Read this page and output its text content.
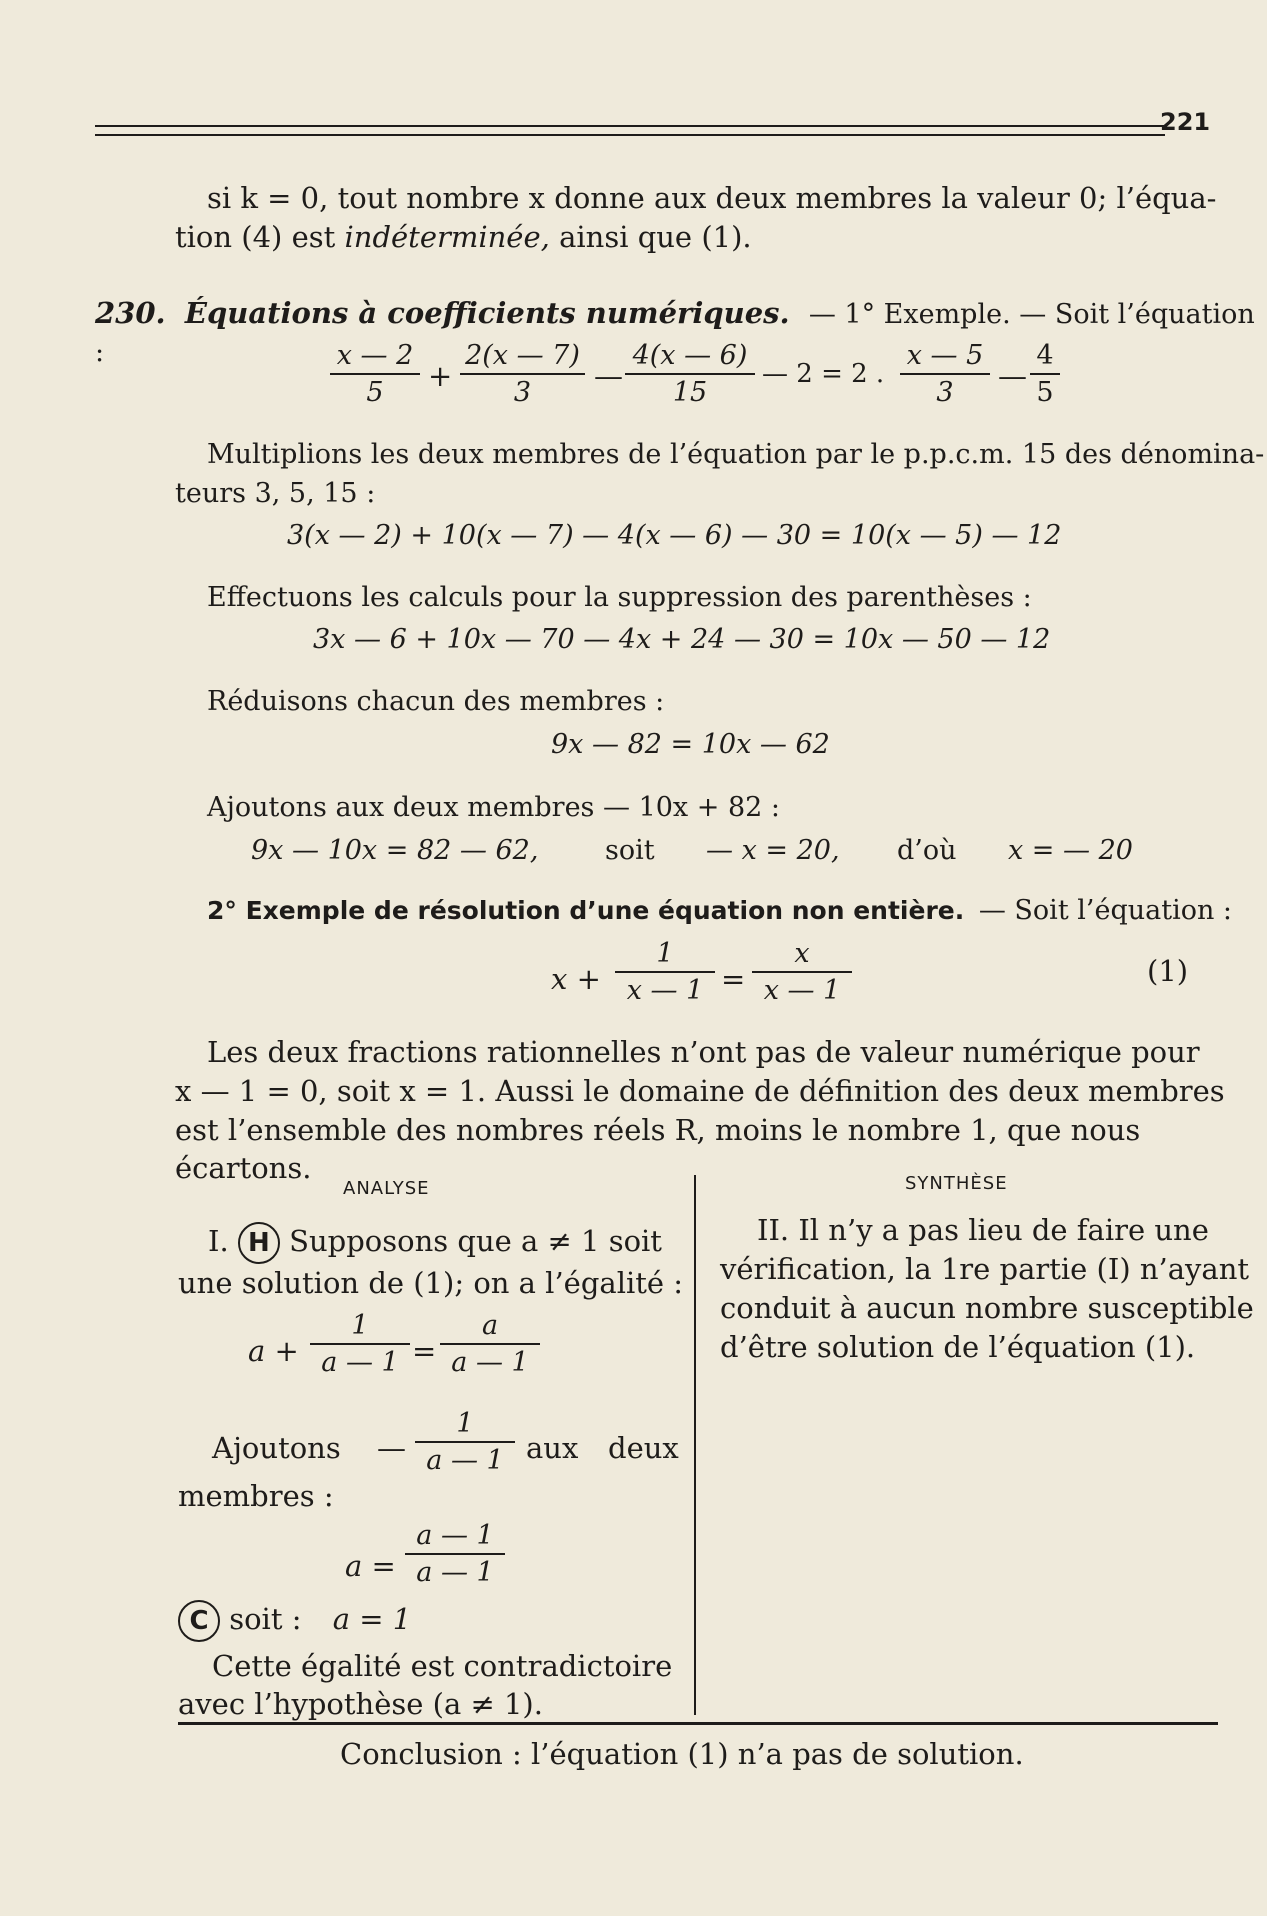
221
si k = 0, tout nombre x donne aux deux membres la valeur 0; l’équa-
tion (4) est indéterminée, ainsi que (1).
230. Équations à coefficients numériques. — 1° Exemple. — Soit l’équation :	x — 2
5	+
2(x — 7)
3	—
4(x — 6)
15
— 2 = 2 .
x — 5
3	—
4
5
Multiplions les deux membres de l’équation par le p.p.c.m. 15 des dénomina-
teurs 3, 5, 15 :
3(x — 2) + 10(x — 7) — 4(x — 6) — 30 = 10(x — 5) — 12
Effectuons les calculs pour la suppression des parenthèses :
3x — 6 + 10x — 70 — 4x + 24 — 30 = 10x — 50 — 12
Réduisons chacun des membres :
9x — 82 = 10x — 62
Ajoutons aux deux membres — 10x + 82 :
9x — 10x = 82 — 62, soit — x = 20, d’où x = — 20
2° Exemple de résolution d’une équation non entière. — Soit l’équation :
x +
1
x — 1 =
x
x — 1
(1)
Les deux fractions rationnelles n’ont pas de valeur numérique pour
x — 1 = 0, soit x = 1. Aussi le domaine de définition des deux membres
est l’ensemble des nombres réels R, moins le nombre 1, que nous écartons.
ANALYSE
I. H Supposons que a ≠ 1 soit
une solution de (1); on a l’égalité :
a +
1
a — 1 =
a
a — 1
Ajoutons —
1
a — 1 aux deux
membres :
a =
a — 1
a — 1
C soit : a = 1
Cette égalité est contradictoire
avec l’hypothèse (a ≠ 1).
SYNTHÈSE
II. Il n’y a pas lieu de faire une
vérification, la 1re partie (I) n’ayant
conduit à aucun nombre susceptible
d’être solution de l’équation (1).
Conclusion : l’équation (1) n’a pas de solution.
